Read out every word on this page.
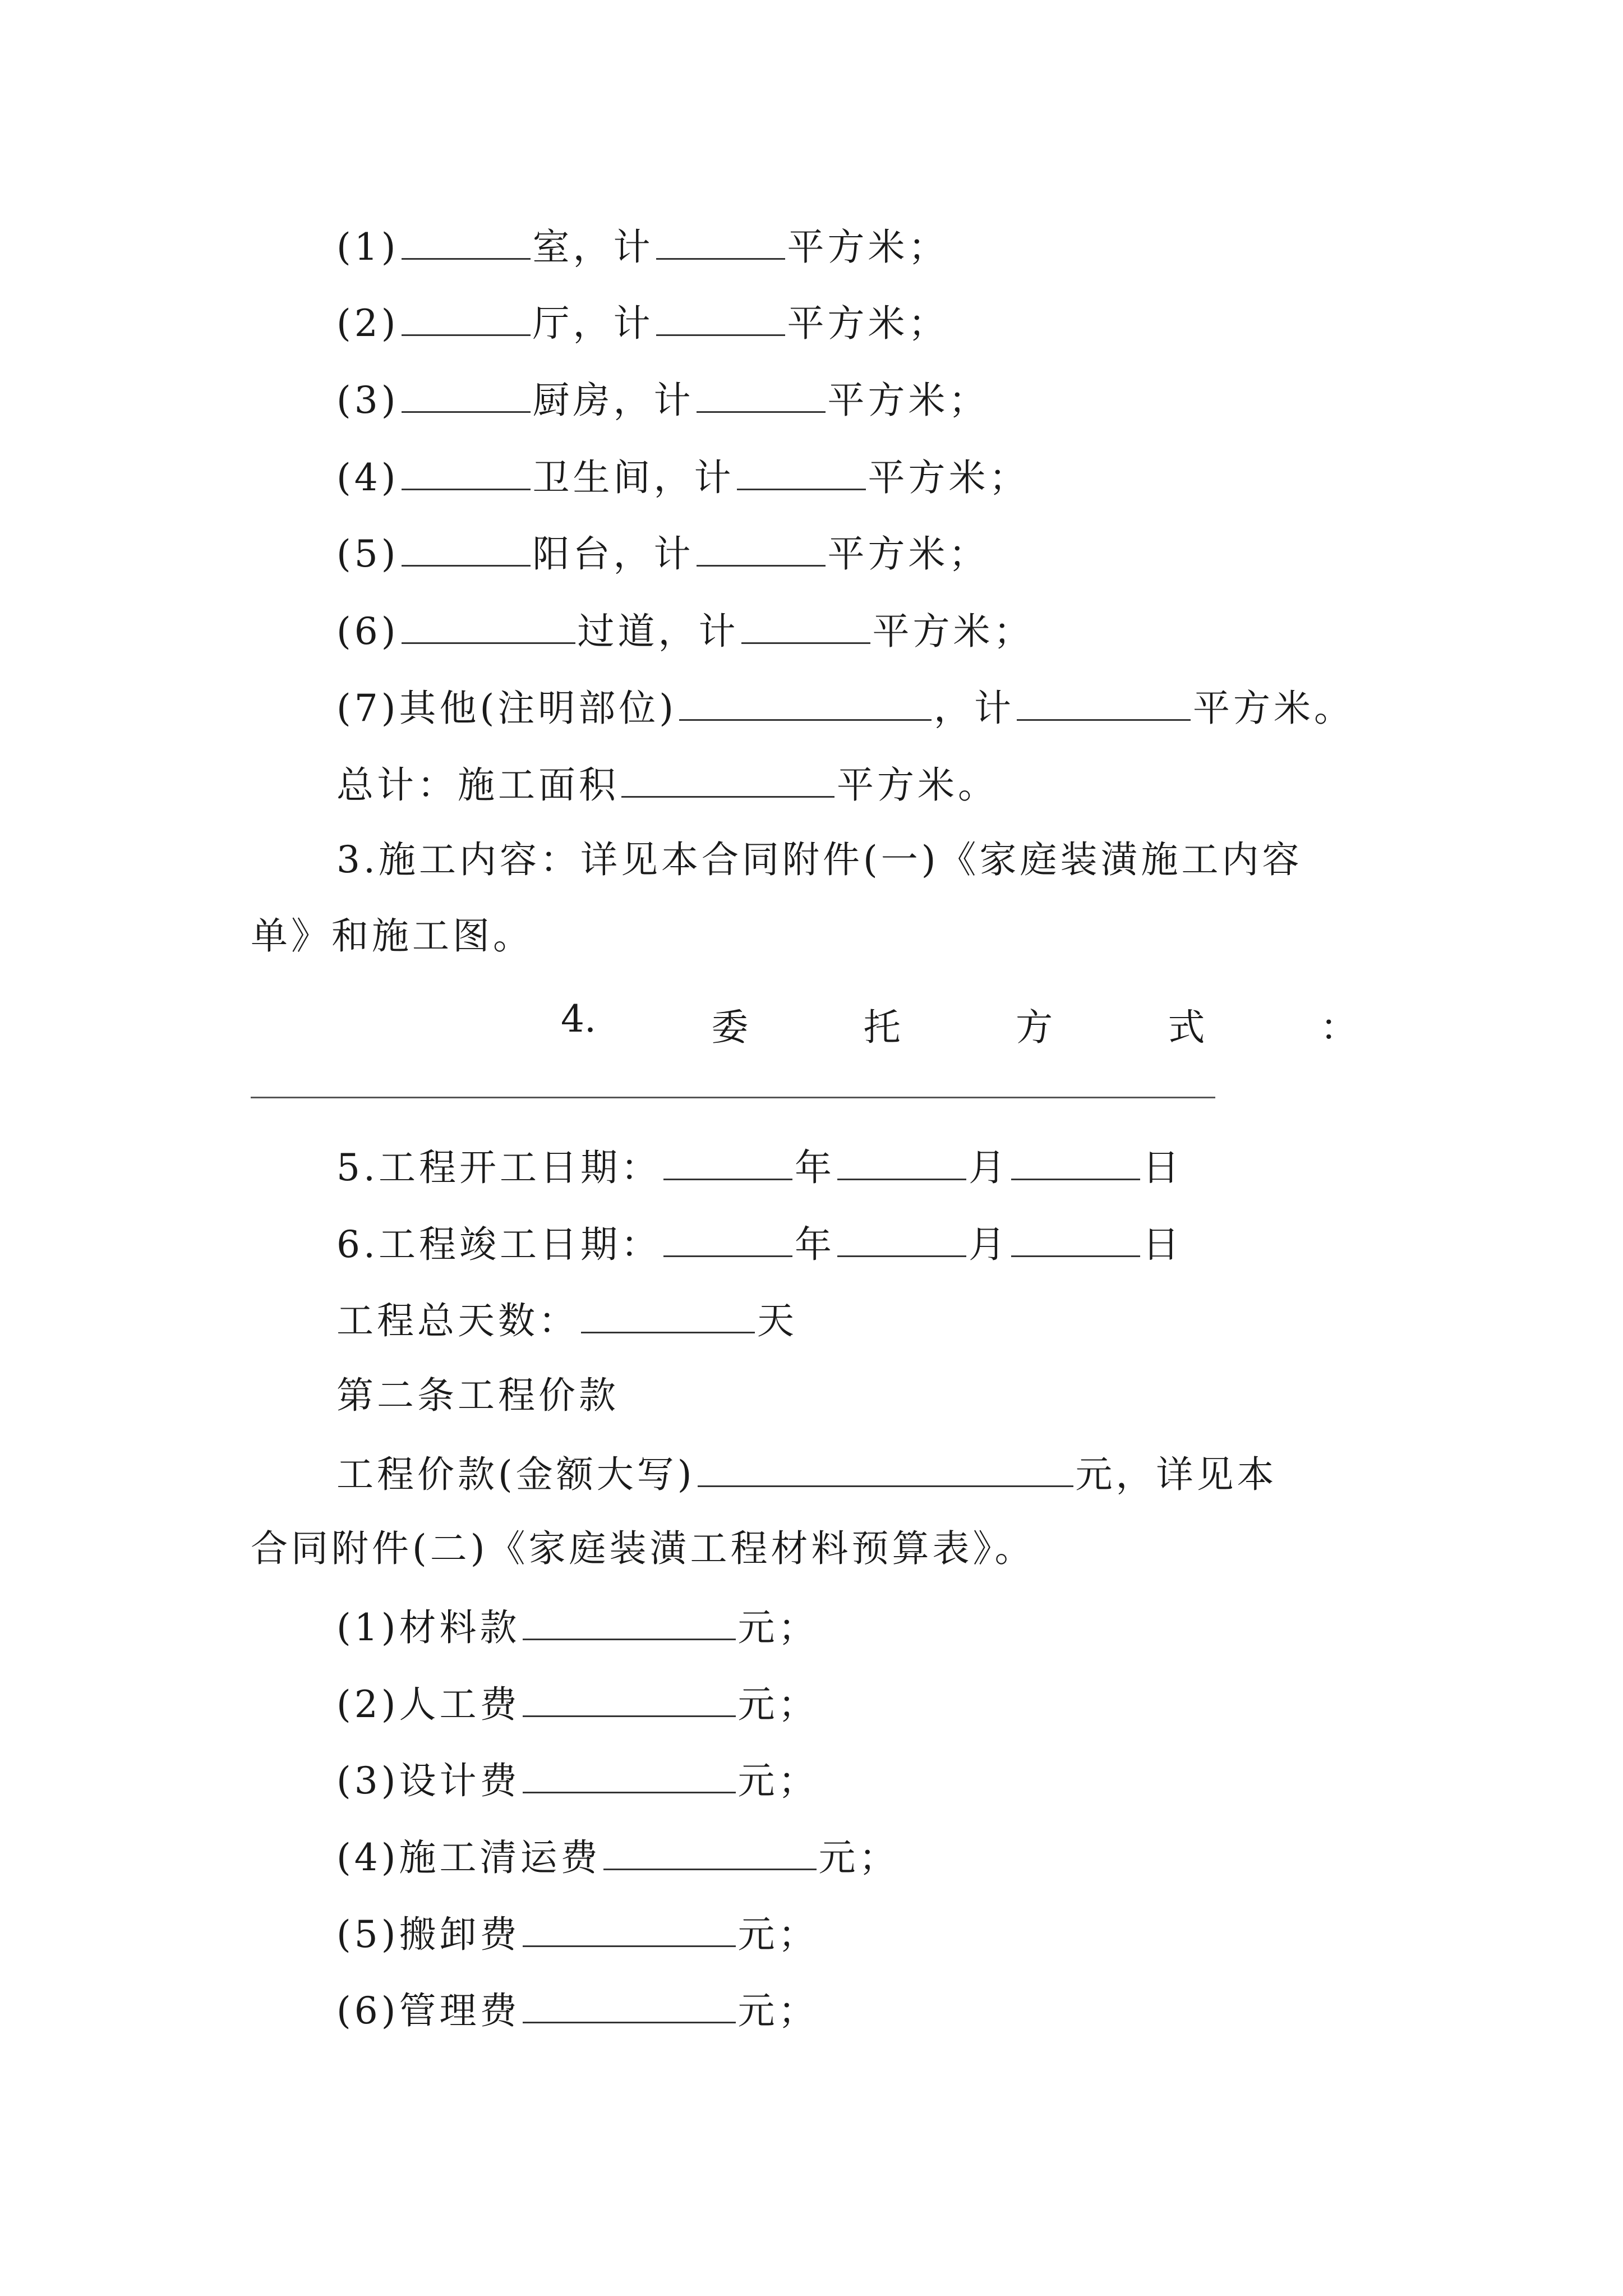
(1)	室，计	平方米；
(2)	厅，计	平方米；
(3)	厨房，计	平方米；
(4)	卫生间，计	平方米；
(5)	阳台，计	平方米；
(6)	过道，计	平方米；
(7)其他(注明部位)	，计	平方米。
总计：施工面积	平方米。
3.施工内容：详见本合同附件(一)《家庭装潢施工内容
单》和施工图。
4.	委	托	方	式	：
5.工程开工日期：	年	月	日
6.工程竣工日期：	年	月	日
工程总天数：	天
第二条工程价款
工程价款(金额大写)	元，详见本
合同附件(二)《家庭装潢工程材料预算表》。
(1)材料款	元；
(2)人工费	元；
(3)设计费	元；
(4)施工清运费	元；
(5)搬卸费	元；
(6)管理费	元；
